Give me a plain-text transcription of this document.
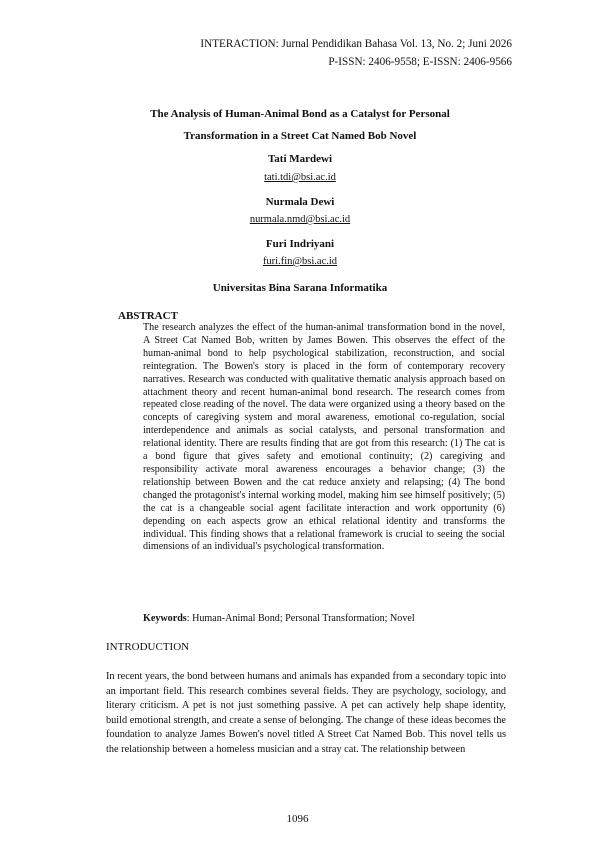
INTERACTION: Jurnal Pendidikan Bahasa Vol. 13, No. 2; Juni 2026
P-ISSN: 2406-9558; E-ISSN: 2406-9566
The Analysis of Human-Animal Bond as a Catalyst for Personal
Transformation in a Street Cat Named Bob Novel
Tati Mardewi
tati.tdi@bsi.ac.id
Nurmala Dewi
nurmala.nmd@bsi.ac.id
Furi Indriyani
furi.fin@bsi.ac.id
Universitas Bina Sarana Informatika
ABSTRACT
The research analyzes the effect of the human-animal transformation bond in the novel, A Street Cat Named Bob, written by James Bowen. This observes the effect of the human-animal bond to help psychological stabilization, reconstruction, and social reintegration. The Bowen's story is placed in the form of contemporary recovery narratives. Research was conducted with qualitative thematic analysis approach based on attachment theory and recent human-animal bond research. The research comes from repeated close reading of the novel. The data were organized using a theory based on the concepts of caregiving system and moral awareness, emotional co-regulation, social interdependence and animals as social catalysts, and personal transformation and relational identity. There are results finding that are got from this research: (1) The cat is a bond figure that gives safety and emotional continuity; (2) caregiving and responsibility activate moral awareness encourages a behavior change; (3) the relationship between Bowen and the cat reduce anxiety and relapsing; (4) The bond changed the protagonist's internal working model, making him see himself positively; (5) the cat is a changeable social agent facilitate interaction and work opportunity (6) depending on each aspects grow an ethical relational identity and transforms the individual. This finding shows that a relational framework is crucial to seeing the social dimensions of an individual's psychological transformation.
Keywords: Human-Animal Bond; Personal Transformation; Novel
INTRODUCTION
In recent years, the bond between humans and animals has expanded from a secondary topic into an important field. This research combines several fields. They are psychology, sociology, and literary criticism. A pet is not just something passive. A pet can actively help shape identity, build emotional strength, and create a sense of belonging. The change of these ideas becomes the foundation to analyze James Bowen's novel titled A Street Cat Named Bob. This novel tells us the relationship between a homeless musician and a stray cat. The relationship between
1096
